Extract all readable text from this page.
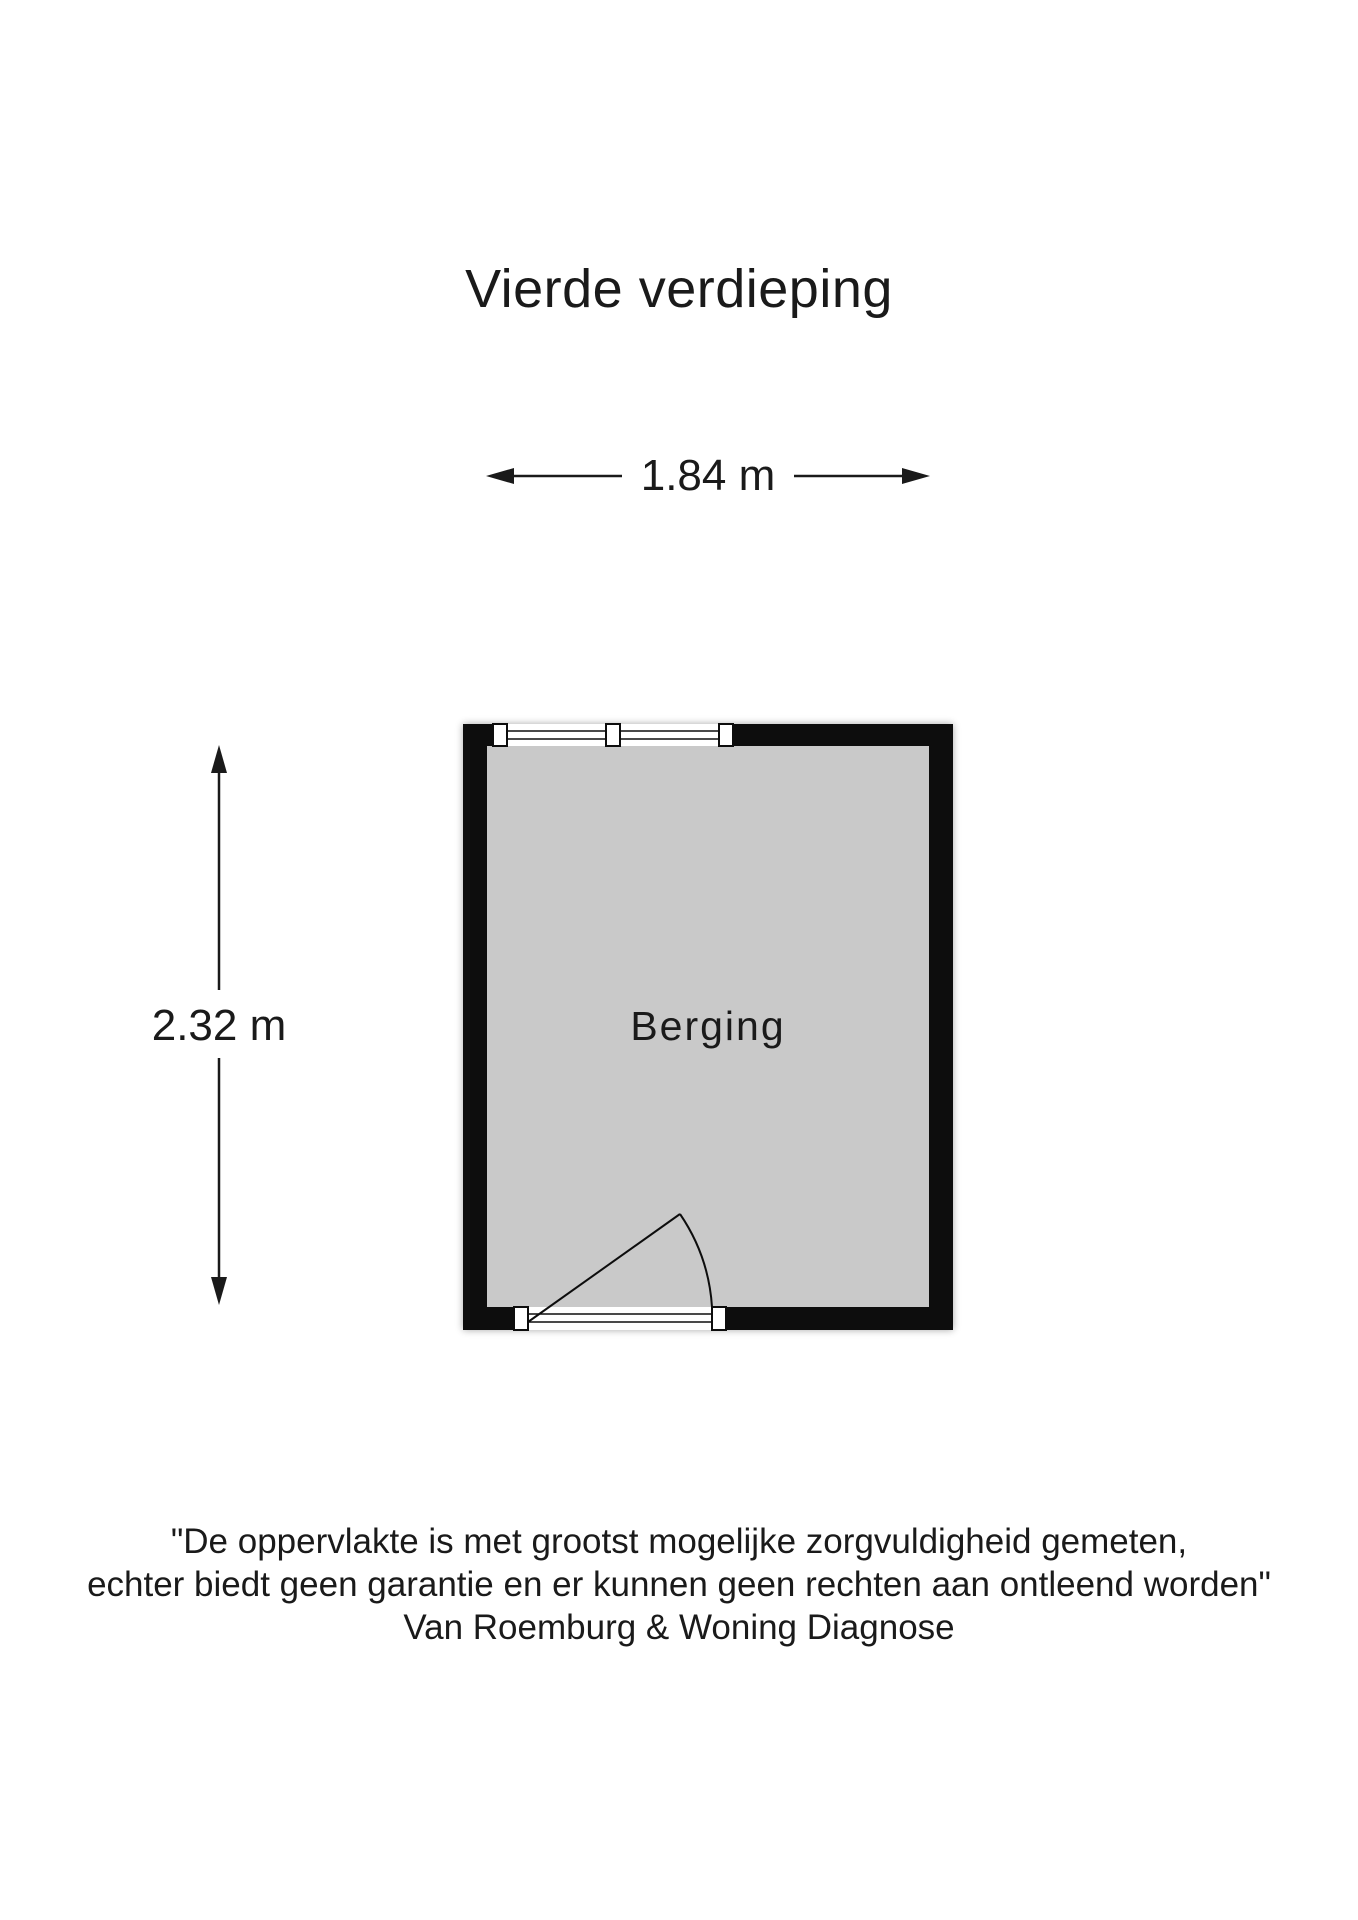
Vierde verdieping
1.84 m
2.32 m	Berging
"De oppervlakte is met grootst mogelijke zorgvuldigheid gemeten,
echter biedt geen garantie en er kunnen geen rechten aan ontleend worden"
Van Roemburg & Woning Diagnose
